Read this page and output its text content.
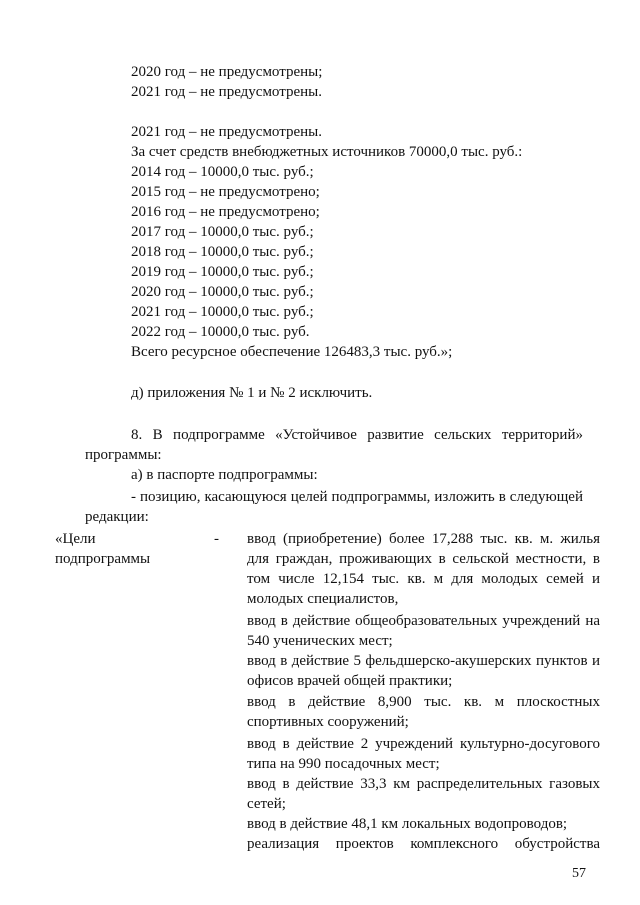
2020 год – не предусмотрены;
2021 год – не предусмотрены.
2021 год – не предусмотрены.
За счет средств внебюджетных источников 70000,0 тыс. руб.:
2014 год – 10000,0 тыс. руб.;
2015 год – не предусмотрено;
2016 год – не предусмотрено;
2017 год – 10000,0 тыс. руб.;
2018 год – 10000,0 тыс. руб.;
2019 год – 10000,0 тыс. руб.;
2020 год – 10000,0 тыс. руб.;
2021 год – 10000,0 тыс. руб.;
2022 год – 10000,0 тыс. руб.
Всего ресурсное обеспечение 126483,3 тыс. руб.»;
д) приложения № 1 и № 2 исключить.
8. В подпрограмме «Устойчивое развитие сельских территорий»
программы:
а) в паспорте подпрограммы:
- позицию, касающуюся целей подпрограммы, изложить в следующей
редакции:
«Цели
подпрограммы
- ввод (приобретение) более 17,288 тыс. кв. м. жилья
для граждан, проживающих в сельской местности, в
том числе 12,154 тыс. кв. м для молодых семей и
молодых специалистов,
ввод в действие общеобразовательных учреждений на
540 ученических мест;
ввод в действие 5 фельдшерско-акушерских пунктов и
офисов врачей общей практики;
ввод в действие 8,900 тыс. кв. м плоскостных
спортивных сооружений;
ввод в действие 2 учреждений культурно-досугового
типа на 990 посадочных мест;
ввод в действие 33,3 км распределительных газовых
сетей;
ввод в действие 48,1 км локальных водопроводов;
реализация проектов комплексного обустройства
57
